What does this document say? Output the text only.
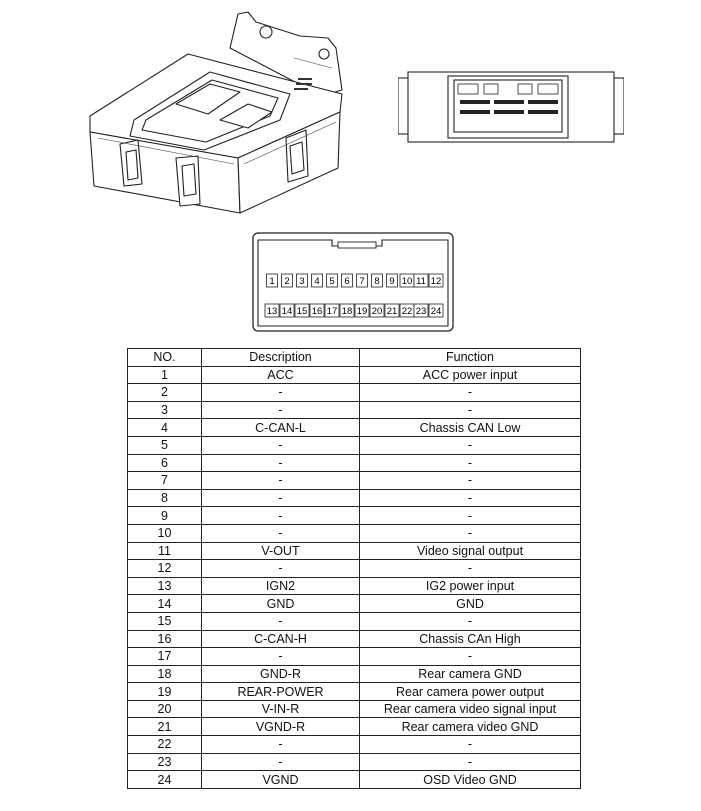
1 2 3 4 5 6 7 8 9 10 11 12
13 14 15 16 17 18 19 20 21 22 23 24
NO.	Description	Function
1	ACC	ACC power input
2	-	-
3	-	-
4	C-CAN-L	Chassis CAN Low
5	-	-
6	-	-
7	-	-
8	-	-
9	-	-
10	-	-
11	V-OUT	Video signal output
12	-	-
13	IGN2	IG2 power input
14	GND	GND
15	-	-
16	C-CAN-H	Chassis CAn High
17	-	-
18	GND-R	Rear camera GND
19	REAR-POWER	Rear camera power output
20	V-IN-R	Rear camera video signal input
21	VGND-R	Rear camera video GND
22	-	-
23	-	-
24	VGND	OSD Video GND
